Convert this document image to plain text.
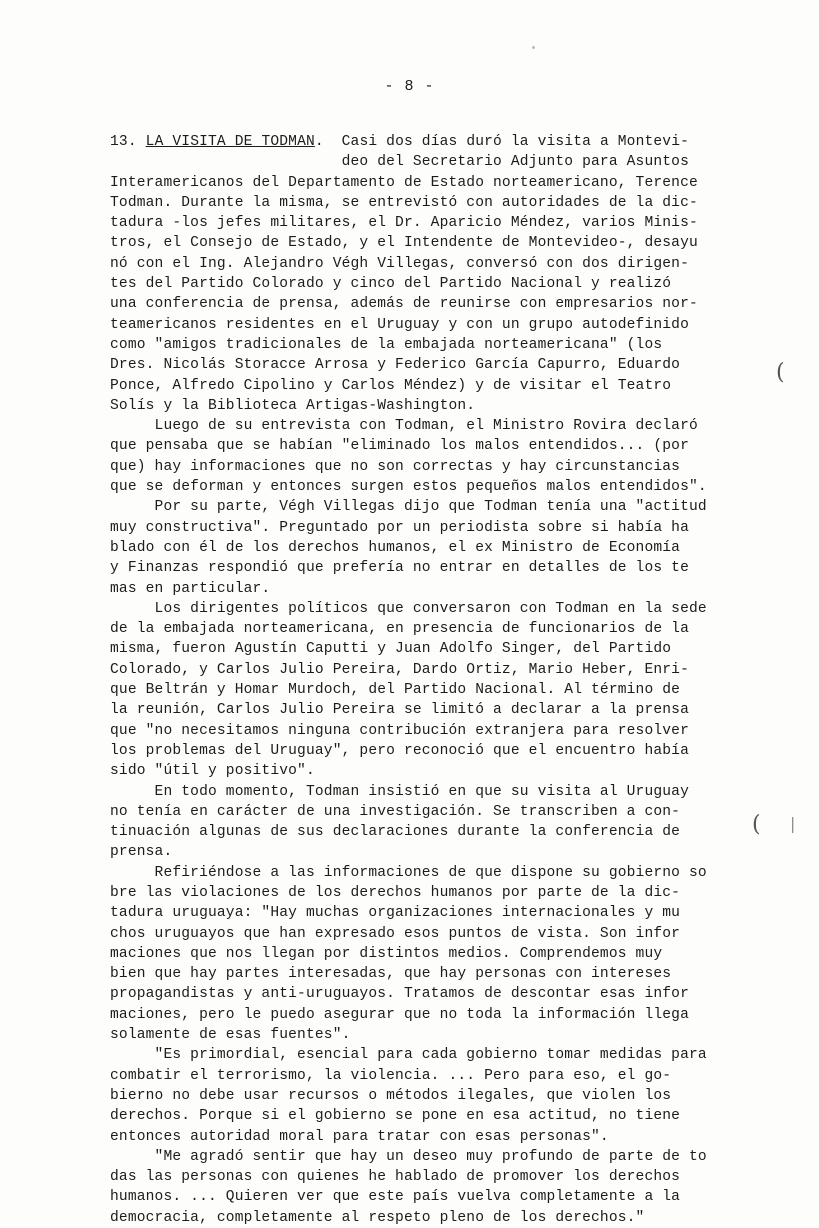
- 8 -
13. LA VISITA DE TODMAN.  Casi dos días duró la visita a Montevi-
deo del Secretario Adjunto para Asuntos
Interamericanos del Departamento de Estado norteamericano, Terence
Todman. Durante la misma, se entrevistó con autoridades de la dic-
tadura -los jefes militares, el Dr. Aparicio Méndez, varios Minis-
tros, el Consejo de Estado, y el Intendente de Montevideo-, desayu
nó con el Ing. Alejandro Végh Villegas, conversó con dos dirigen-
tes del Partido Colorado y cinco del Partido Nacional y realizó
una conferencia de prensa, además de reunirse con empresarios nor-
teamericanos residentes en el Uruguay y con un grupo autodefinido
como "amigos tradicionales de la embajada norteamericana" (los
Dres. Nicolás Storacce Arrosa y Federico García Capurro, Eduardo
Ponce, Alfredo Cipolino y Carlos Méndez) y de visitar el Teatro
Solís y la Biblioteca Artigas-Washington.
Luego de su entrevista con Todman, el Ministro Rovira declaró
que pensaba que se habían "eliminado los malos entendidos... (por
que) hay informaciones que no son correctas y hay circunstancias
que se deforman y entonces surgen estos pequeños malos entendidos".
Por su parte, Végh Villegas dijo que Todman tenía una "actitud
muy constructiva". Preguntado por un periodista sobre si había ha
blado con él de los derechos humanos, el ex Ministro de Economía
y Finanzas respondió que prefería no entrar en detalles de los te
mas en particular.
Los dirigentes políticos que conversaron con Todman en la sede
de la embajada norteamericana, en presencia de funcionarios de la
misma, fueron Agustín Caputti y Juan Adolfo Singer, del Partido
Colorado, y Carlos Julio Pereira, Dardo Ortiz, Mario Heber, Enri-
que Beltrán y Homar Murdoch, del Partido Nacional. Al término de
la reunión, Carlos Julio Pereira se limitó a declarar a la prensa
que "no necesitamos ninguna contribución extranjera para resolver
los problemas del Uruguay", pero reconoció que el encuentro había
sido "útil y positivo".
En todo momento, Todman insistió en que su visita al Uruguay
no tenía en carácter de una investigación. Se transcriben a con-
tinuación algunas de sus declaraciones durante la conferencia de
prensa.
Refiriéndose a las informaciones de que dispone su gobierno so
bre las violaciones de los derechos humanos por parte de la dic-
tadura uruguaya: "Hay muchas organizaciones internacionales y mu
chos uruguayos que han expresado esos puntos de vista. Son infor
maciones que nos llegan por distintos medios. Comprendemos muy
bien que hay partes interesadas, que hay personas con intereses
propagandistas y anti-uruguayos. Tratamos de descontar esas infor
maciones, pero le puedo asegurar que no toda la información llega
solamente de esas fuentes".
"Es primordial, esencial para cada gobierno tomar medidas para
combatir el terrorismo, la violencia. ... Pero para eso, el go-
bierno no debe usar recursos o métodos ilegales, que violen los
derechos. Porque si el gobierno se pone en esa actitud, no tiene
entonces autoridad moral para tratar con esas personas".
"Me agradó sentir que hay un deseo muy profundo de parte de to
das las personas con quienes he hablado de promover los derechos
humanos. ... Quieren ver que este país vuelva completamente a la
democracia, completamente al respeto pleno de los derechos."
(
( |
